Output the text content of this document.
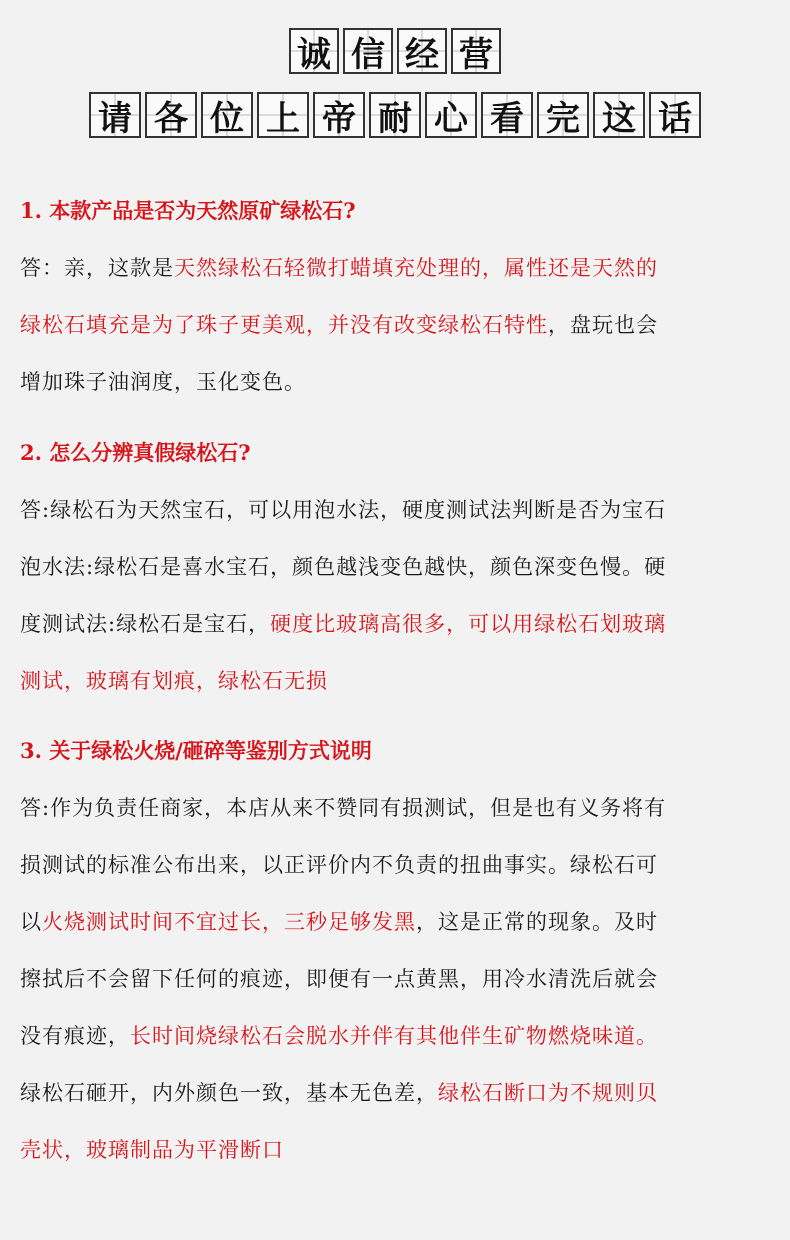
诚 信 经 营
请 各 位 上 帝 耐 心 看 完 这 话
1. 本款产品是否为天然原矿绿松石?
答：亲，这款是天然绿松石轻微打蜡填充处理的，属性还是天然的
绿松石填充是为了珠子更美观，并没有改变绿松石特性，盘玩也会
增加珠子油润度，玉化变色。
2. 怎么分辨真假绿松石?
答:绿松石为天然宝石，可以用泡水法，硬度测试法判断是否为宝石
泡水法:绿松石是喜水宝石，颜色越浅变色越快，颜色深变色慢。硬
度测试法:绿松石是宝石，硬度比玻璃高很多，可以用绿松石划玻璃
测试，玻璃有划痕，绿松石无损
3. 关于绿松火烧/砸碎等鉴别方式说明
答:作为负责任商家，本店从来不赞同有损测试，但是也有义务将有
损测试的标准公布出来，以正评价内不负责的扭曲事实。绿松石可
以火烧测试时间不宜过长，三秒足够发黑，这是正常的现象。及时
擦拭后不会留下任何的痕迹，即便有一点黄黑，用冷水清洗后就会
没有痕迹，长时间烧绿松石会脱水并伴有其他伴生矿物燃烧味道。
绿松石砸开，内外颜色一致，基本无色差，绿松石断口为不规则贝
壳状，玻璃制品为平滑断口
